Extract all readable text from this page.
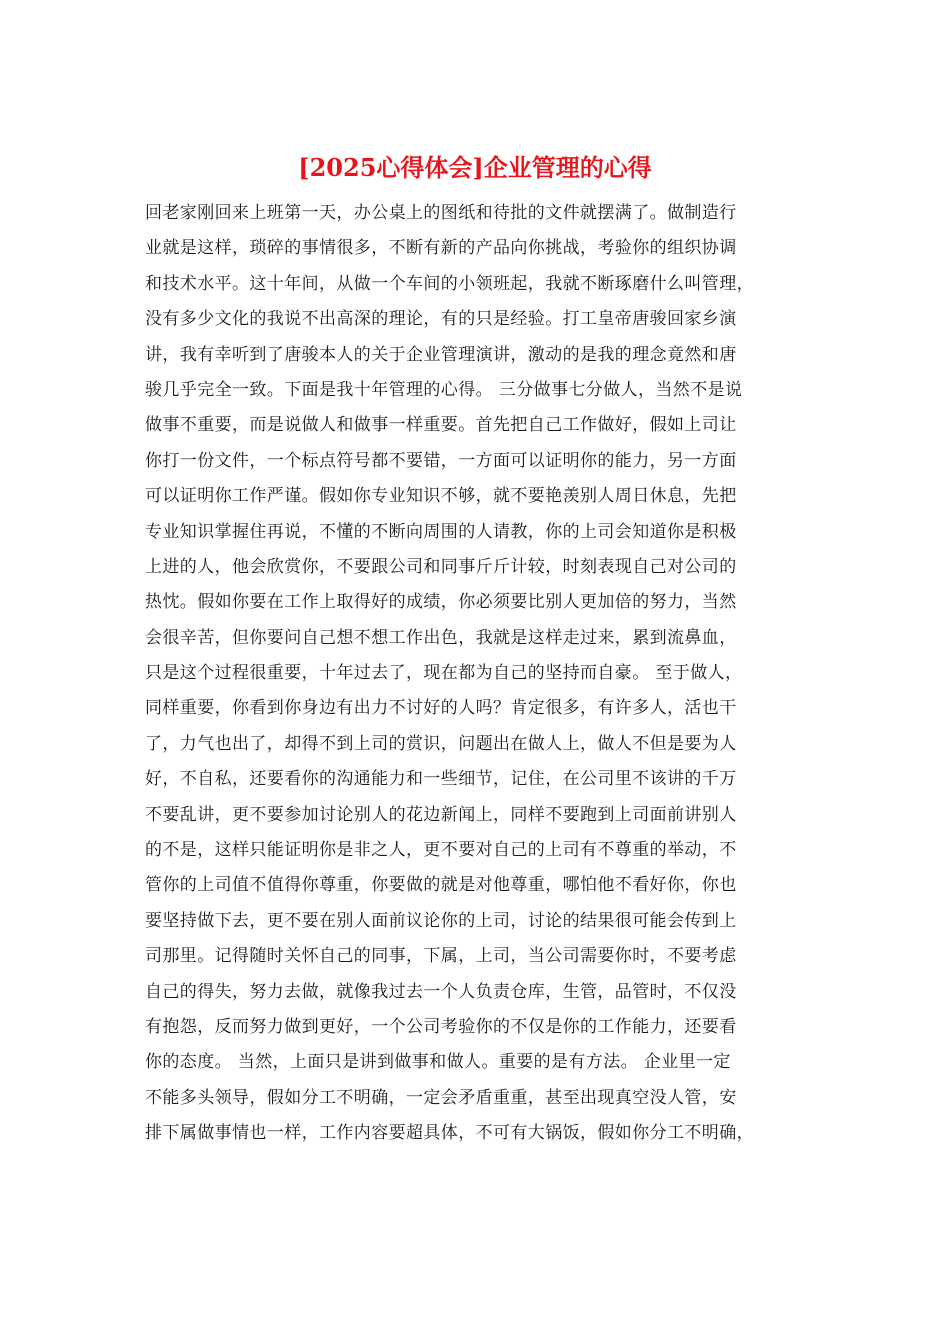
[2025心得体会]企业管理的心得
回老家刚回来上班第一天，办公桌上的图纸和待批的文件就摆满了。做制造行
业就是这样，琐碎的事情很多，不断有新的产品向你挑战，考验你的组织协调
和技术水平。这十年间，从做一个车间的小领班起，我就不断琢磨什么叫管理，
没有多少文化的我说不出高深的理论，有的只是经验。打工皇帝唐骏回家乡演
讲，我有幸听到了唐骏本人的关于企业管理演讲，激动的是我的理念竟然和唐
骏几乎完全一致。下面是我十年管理的心得。 三分做事七分做人，当然不是说
做事不重要，而是说做人和做事一样重要。首先把自己工作做好，假如上司让
你打一份文件，一个标点符号都不要错，一方面可以证明你的能力，另一方面
可以证明你工作严谨。假如你专业知识不够，就不要艳羡别人周日休息，先把
专业知识掌握住再说，不懂的不断向周围的人请教，你的上司会知道你是积极
上进的人，他会欣赏你，不要跟公司和同事斤斤计较，时刻表现自己对公司的
热忱。假如你要在工作上取得好的成绩，你必须要比别人更加倍的努力，当然
会很辛苦，但你要问自己想不想工作出色，我就是这样走过来，累到流鼻血，
只是这个过程很重要，十年过去了，现在都为自己的坚持而自豪。 至于做人，
同样重要，你看到你身边有出力不讨好的人吗？肯定很多，有许多人，活也干
了，力气也出了，却得不到上司的赏识，问题出在做人上，做人不但是要为人
好，不自私，还要看你的沟通能力和一些细节，记住，在公司里不该讲的千万
不要乱讲，更不要参加讨论别人的花边新闻上，同样不要跑到上司面前讲别人
的不是，这样只能证明你是非之人，更不要对自己的上司有不尊重的举动，不
管你的上司值不值得你尊重，你要做的就是对他尊重，哪怕他不看好你，你也
要坚持做下去，更不要在别人面前议论你的上司，讨论的结果很可能会传到上
司那里。记得随时关怀自己的同事，下属，上司，当公司需要你时，不要考虑
自己的得失，努力去做，就像我过去一个人负责仓库，生管，品管时，不仅没
有抱怨，反而努力做到更好，一个公司考验你的不仅是你的工作能力，还要看
你的态度。 当然，上面只是讲到做事和做人。重要的是有方法。 企业里一定
不能多头领导，假如分工不明确，一定会矛盾重重，甚至出现真空没人管，安
排下属做事情也一样，工作内容要超具体，不可有大锅饭，假如你分工不明确，
